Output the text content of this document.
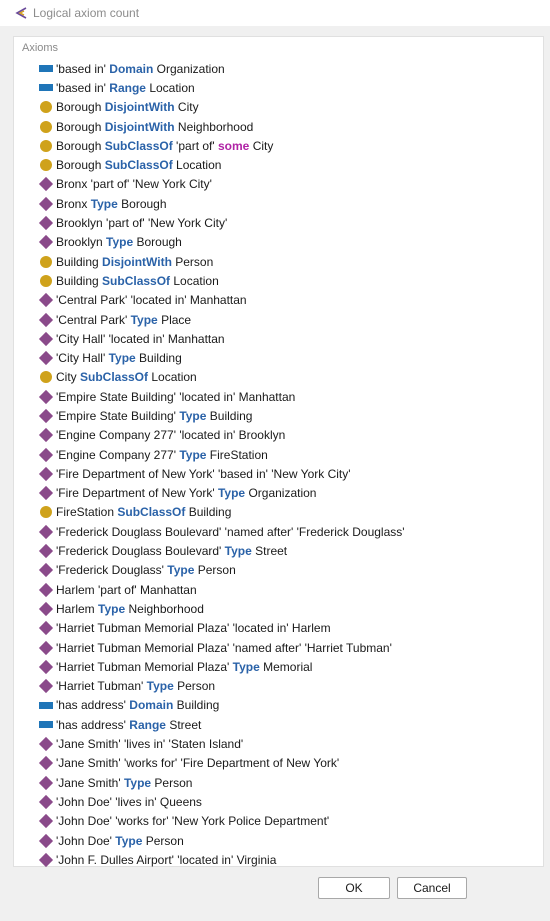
Logical axiom count
Axioms
'based in' Domain Organization
'based in' Range Location
Borough DisjointWith City
Borough DisjointWith Neighborhood
Borough SubClassOf 'part of' some City
Borough SubClassOf Location
Bronx 'part of' 'New York City'
Bronx Type Borough
Brooklyn 'part of' 'New York City'
Brooklyn Type Borough
Building DisjointWith Person
Building SubClassOf Location
'Central Park' 'located in' Manhattan
'Central Park' Type Place
'City Hall' 'located in' Manhattan
'City Hall' Type Building
City SubClassOf Location
'Empire State Building' 'located in' Manhattan
'Empire State Building' Type Building
'Engine Company 277' 'located in' Brooklyn
'Engine Company 277' Type FireStation
'Fire Department of New York' 'based in' 'New York City'
'Fire Department of New York' Type Organization
FireStation SubClassOf Building
'Frederick Douglass Boulevard' 'named after' 'Frederick Douglass'
'Frederick Douglass Boulevard' Type Street
'Frederick Douglass' Type Person
Harlem 'part of' Manhattan
Harlem Type Neighborhood
'Harriet Tubman Memorial Plaza' 'located in' Harlem
'Harriet Tubman Memorial Plaza' 'named after' 'Harriet Tubman'
'Harriet Tubman Memorial Plaza' Type Memorial
'Harriet Tubman' Type Person
'has address' Domain Building
'has address' Range Street
'Jane Smith' 'lives in' 'Staten Island'
'Jane Smith' 'works for' 'Fire Department of New York'
'Jane Smith' Type Person
'John Doe' 'lives in' Queens
'John Doe' 'works for' 'New York Police Department'
'John Doe' Type Person
'John F. Dulles Airport' 'located in' Virginia
OK	Cancel
